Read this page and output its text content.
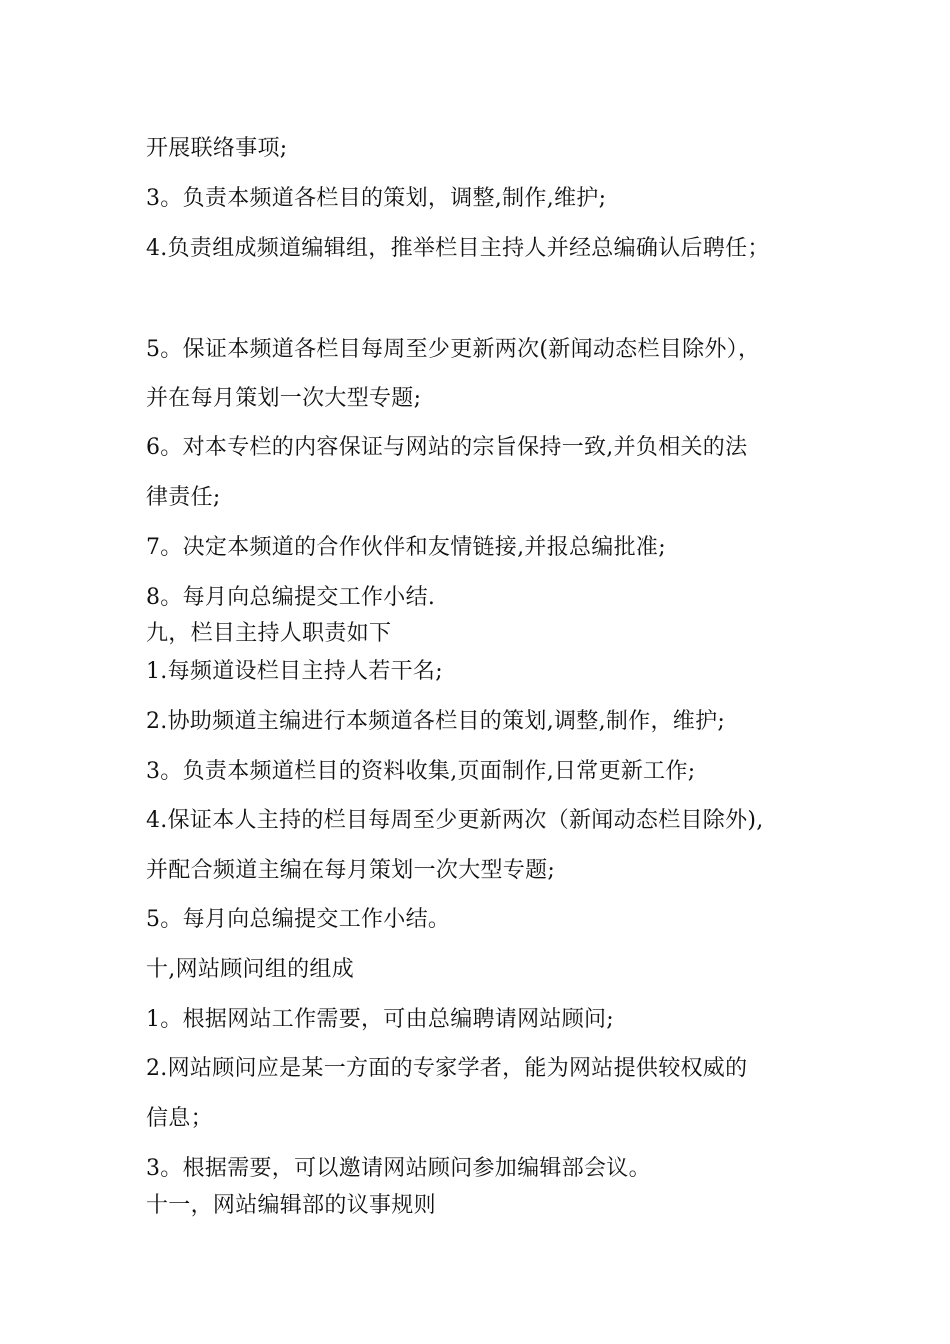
开展联络事项;
3。负责本频道各栏目的策划，调整,制作,维护;
4.负责组成频道编辑组，推举栏目主持人并经总编确认后聘任；
5。保证本频道各栏目每周至少更新两次(新闻动态栏目除外），
并在每月策划一次大型专题;
6。对本专栏的内容保证与网站的宗旨保持一致,并负相关的法
律责任;
7。决定本频道的合作伙伴和友情链接,并报总编批准;
8。每月向总编提交工作小结.
九，栏目主持人职责如下
1.每频道设栏目主持人若干名;
2.协助频道主编进行本频道各栏目的策划,调整,制作，维护;
3。负责本频道栏目的资料收集,页面制作,日常更新工作;
4.保证本人主持的栏目每周至少更新两次（新闻动态栏目除外),
并配合频道主编在每月策划一次大型专题;
5。每月向总编提交工作小结。
十,网站顾问组的组成
1。根据网站工作需要，可由总编聘请网站顾问;
2.网站顾问应是某一方面的专家学者，能为网站提供较权威的
信息；
3。根据需要，可以邀请网站顾问参加编辑部会议。
十一，网站编辑部的议事规则
